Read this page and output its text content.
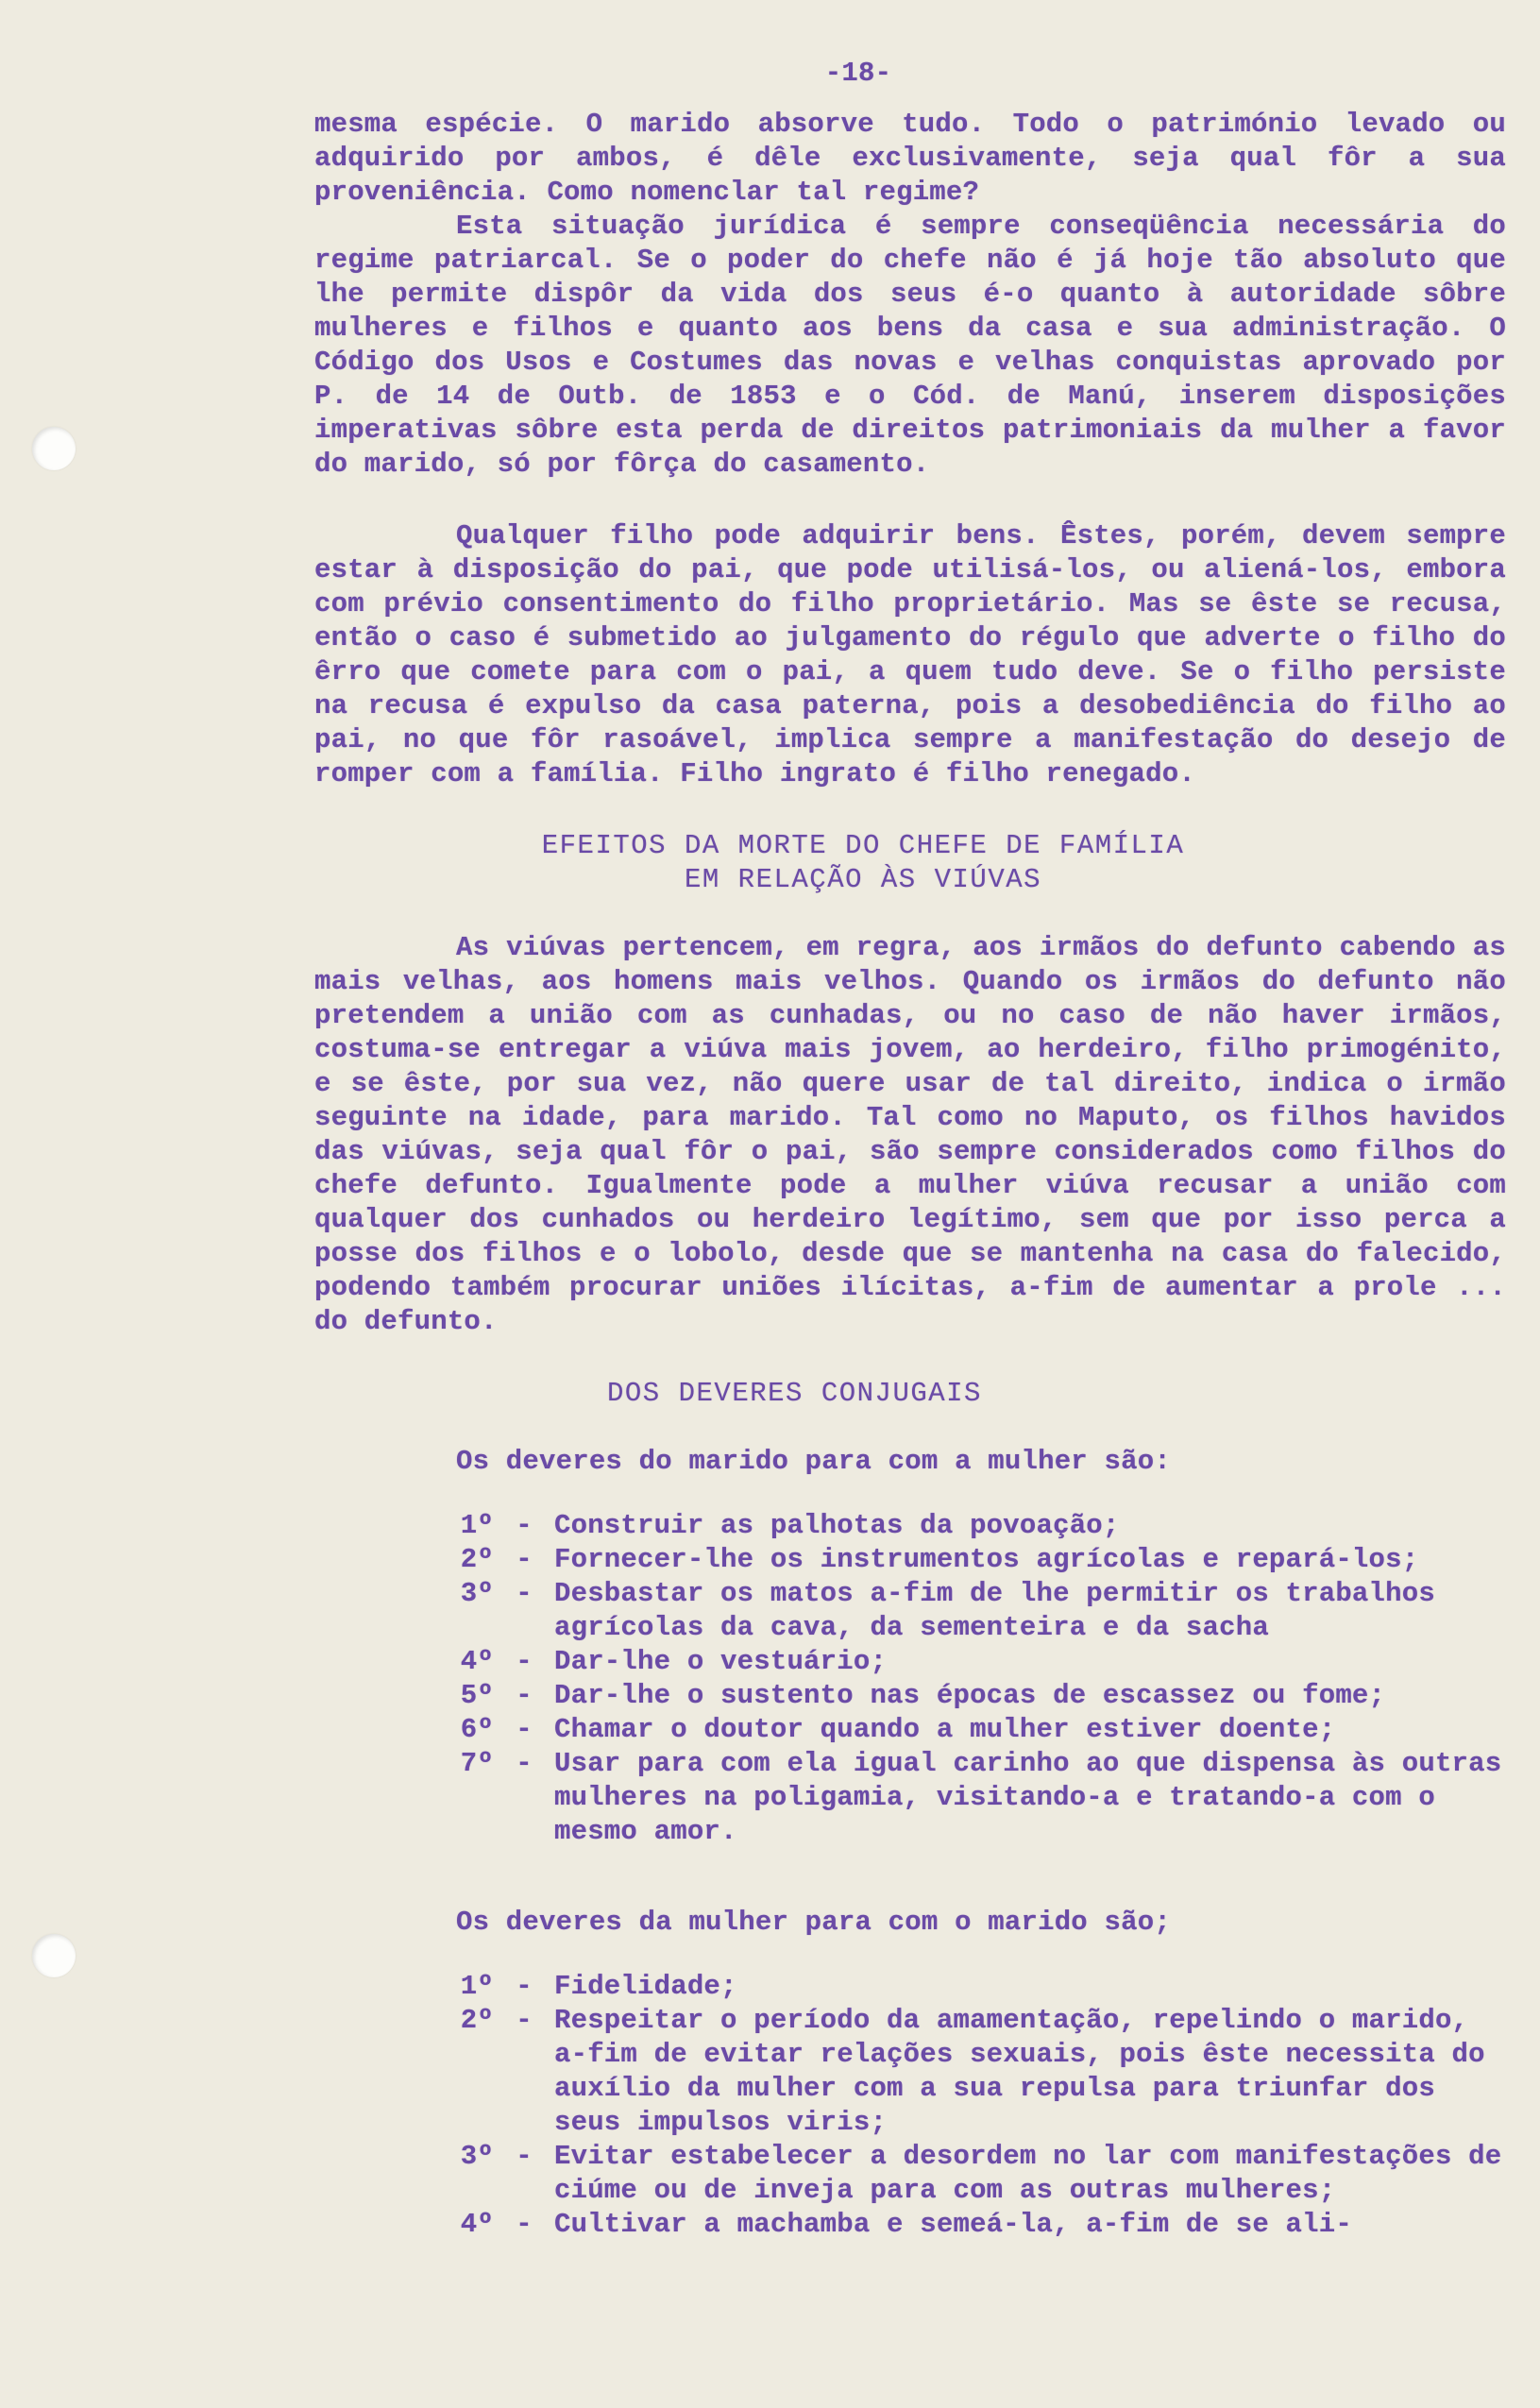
-18-

mesma espécie. O marido absorve tudo. Todo o património levado ou adquirido por ambos, é dêle exclusivamente, seja qual fôr a sua proveniência. Como nomenclar tal regime?

Esta situação jurídica é sempre conseqüência necessária do regime patriarcal. Se o poder do chefe não é já hoje tão absoluto que lhe permite dispôr da vida dos seus é-o quanto à autoridade sôbre mulheres e filhos e quanto aos bens da casa e sua administração. O Código dos Usos e Costumes das novas e velhas conquistas aprovado por P. de 14 de Outb. de 1853 e o Cód. de Manú, inserem disposições imperativas sôbre esta perda de direitos patrimoniais da mulher a favor do marido, só por fôrça do casamento.

Qualquer filho pode adquirir bens. Êstes, porém, devem sempre estar à disposição do pai, que pode utilisá-los, ou aliená-los, embora com prévio consentimento do filho proprietário. Mas se êste se recusa, então o caso é submetido ao julgamento do régulo que adverte o filho do êrro que comete para com o pai, a quem tudo deve. Se o filho persiste na recusa é expulso da casa paterna, pois a desobediência do filho ao pai, no que fôr rasoável, implica sempre a manifestação do desejo de romper com a família. Filho ingrato é filho renegado.

EFEITOS DA MORTE DO CHEFE DE FAMÍLIA
EM RELAÇÃO ÀS VIÚVAS

As viúvas pertencem, em regra, aos irmãos do defunto cabendo as mais velhas, aos homens mais velhos. Quando os irmãos do defunto não pretendem a união com as cunhadas, ou no caso de não haver irmãos, costuma-se entregar a viúva mais jovem, ao herdeiro, filho primogénito, e se êste, por sua vez, não quere usar de tal direito, indica o irmão seguinte na idade, para marido. Tal como no Maputo, os filhos havidos das viúvas, seja qual fôr o pai, são sempre considerados como filhos do chefe defunto. Igualmente pode a mulher viúva recusar a união com qualquer dos cunhados ou herdeiro legítimo, sem que por isso perca a posse dos filhos e o lobolo, desde que se mantenha na casa do falecido, podendo também procurar uniões ilícitas, a-fim de aumentar a prole ... do defunto.

DOS DEVERES CONJUGAIS
Os deveres do marido para com a mulher são:
1º - Construir as palhotas da povoação;
2º - Fornecer-lhe os instrumentos agrícolas e repará-los;
3º - Desbastar os matos a-fim de lhe permitir os trabalhos agrícolas da cava, da sementeira e da sacha
4º - Dar-lhe o vestuário;
5º - Dar-lhe o sustento nas épocas de escassez ou fome;
6º - Chamar o doutor quando a mulher estiver doente;
7º - Usar para com ela igual carinho ao que dispensa às outras mulheres na poligamia, visitando-a e tratando-a com o mesmo amor.
Os deveres da mulher para com o marido são;
1º - Fidelidade;
2º - Respeitar o período da amamentação, repelindo o marido, a-fim de evitar relações sexuais, pois êste necessita do auxílio da mulher com a sua repulsa para triunfar dos seus impulsos viris;
3º - Evitar estabelecer a desordem no lar com manifestações de ciúme ou de inveja para com as outras mulheres;
4º - Cultivar a machamba e semeá-la, a-fim de se ali-
